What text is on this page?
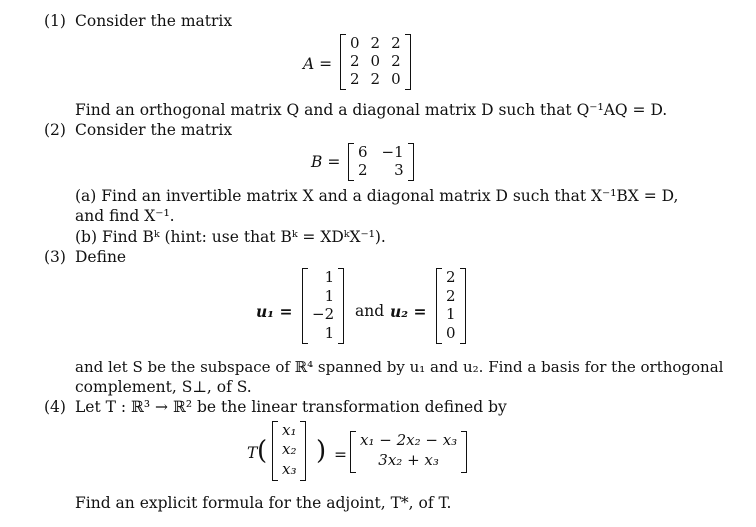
(1) Consider the matrix
A =
0 2 2
2 0 2
2 2 0
Find an orthogonal matrix Q and a diagonal matrix D such that Q⁻¹AQ = D.
(2) Consider the matrix
B =
6 −1
2	3
(a) Find an invertible matrix X and a diagonal matrix D such that X⁻¹BX = D,
and find X⁻¹.
(b) Find Bᵏ (hint: use that Bᵏ = XDᵏX⁻¹).
(3) Define
u₁ =
1
1
−2
1
and u₂ =
2
2
1
0
and let S be the subspace of ℝ⁴ spanned by u₁ and u₂. Find a basis for the orthogonal
complement, S⊥, of S.
(4) Let T : ℝ³ → ℝ² be the linear transformation defined by
T (
x₁
x₂
x₃
) =
x₁ − 2x₂ − x₃
3x₂ + x₃
Find an explicit formula for the adjoint, T*, of T.
